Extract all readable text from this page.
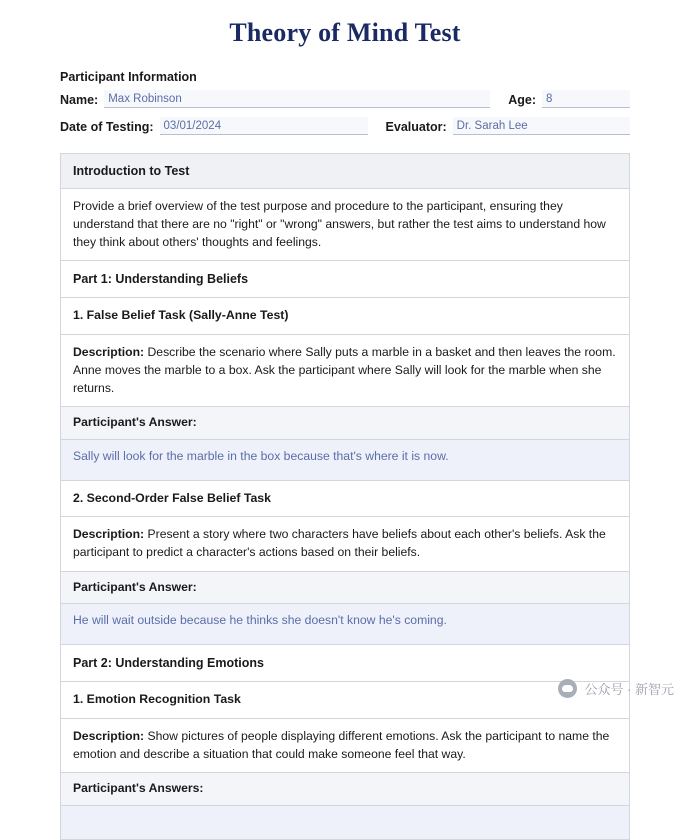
Theory of Mind Test
Participant Information
Name: Max Robinson	Age: 8
Date of Testing: 03/01/2024	Evaluator: Dr. Sarah Lee
Introduction to Test
Provide a brief overview of the test purpose and procedure to the participant, ensuring they understand that there are no "right" or "wrong" answers, but rather the test aims to understand how they think about others' thoughts and feelings.
Part 1: Understanding Beliefs
1. False Belief Task (Sally-Anne Test)

Description: Describe the scenario where Sally puts a marble in a basket and then leaves the room. Anne moves the marble to a box. Ask the participant where Sally will look for the marble when she returns.

Participant's Answer:
Sally will look for the marble in the box because that's where it is now.
2. Second-Order False Belief Task

Description: Present a story where two characters have beliefs about each other's beliefs. Ask the participant to predict a character's actions based on their beliefs.

Participant's Answer:
He will wait outside because he thinks she doesn't know he's coming.
Part 2: Understanding Emotions
1. Emotion Recognition Task

Description: Show pictures of people displaying different emotions. Ask the participant to name the emotion and describe a situation that could make someone feel that way.

Participant's Answers:
公众号 · 新智元
